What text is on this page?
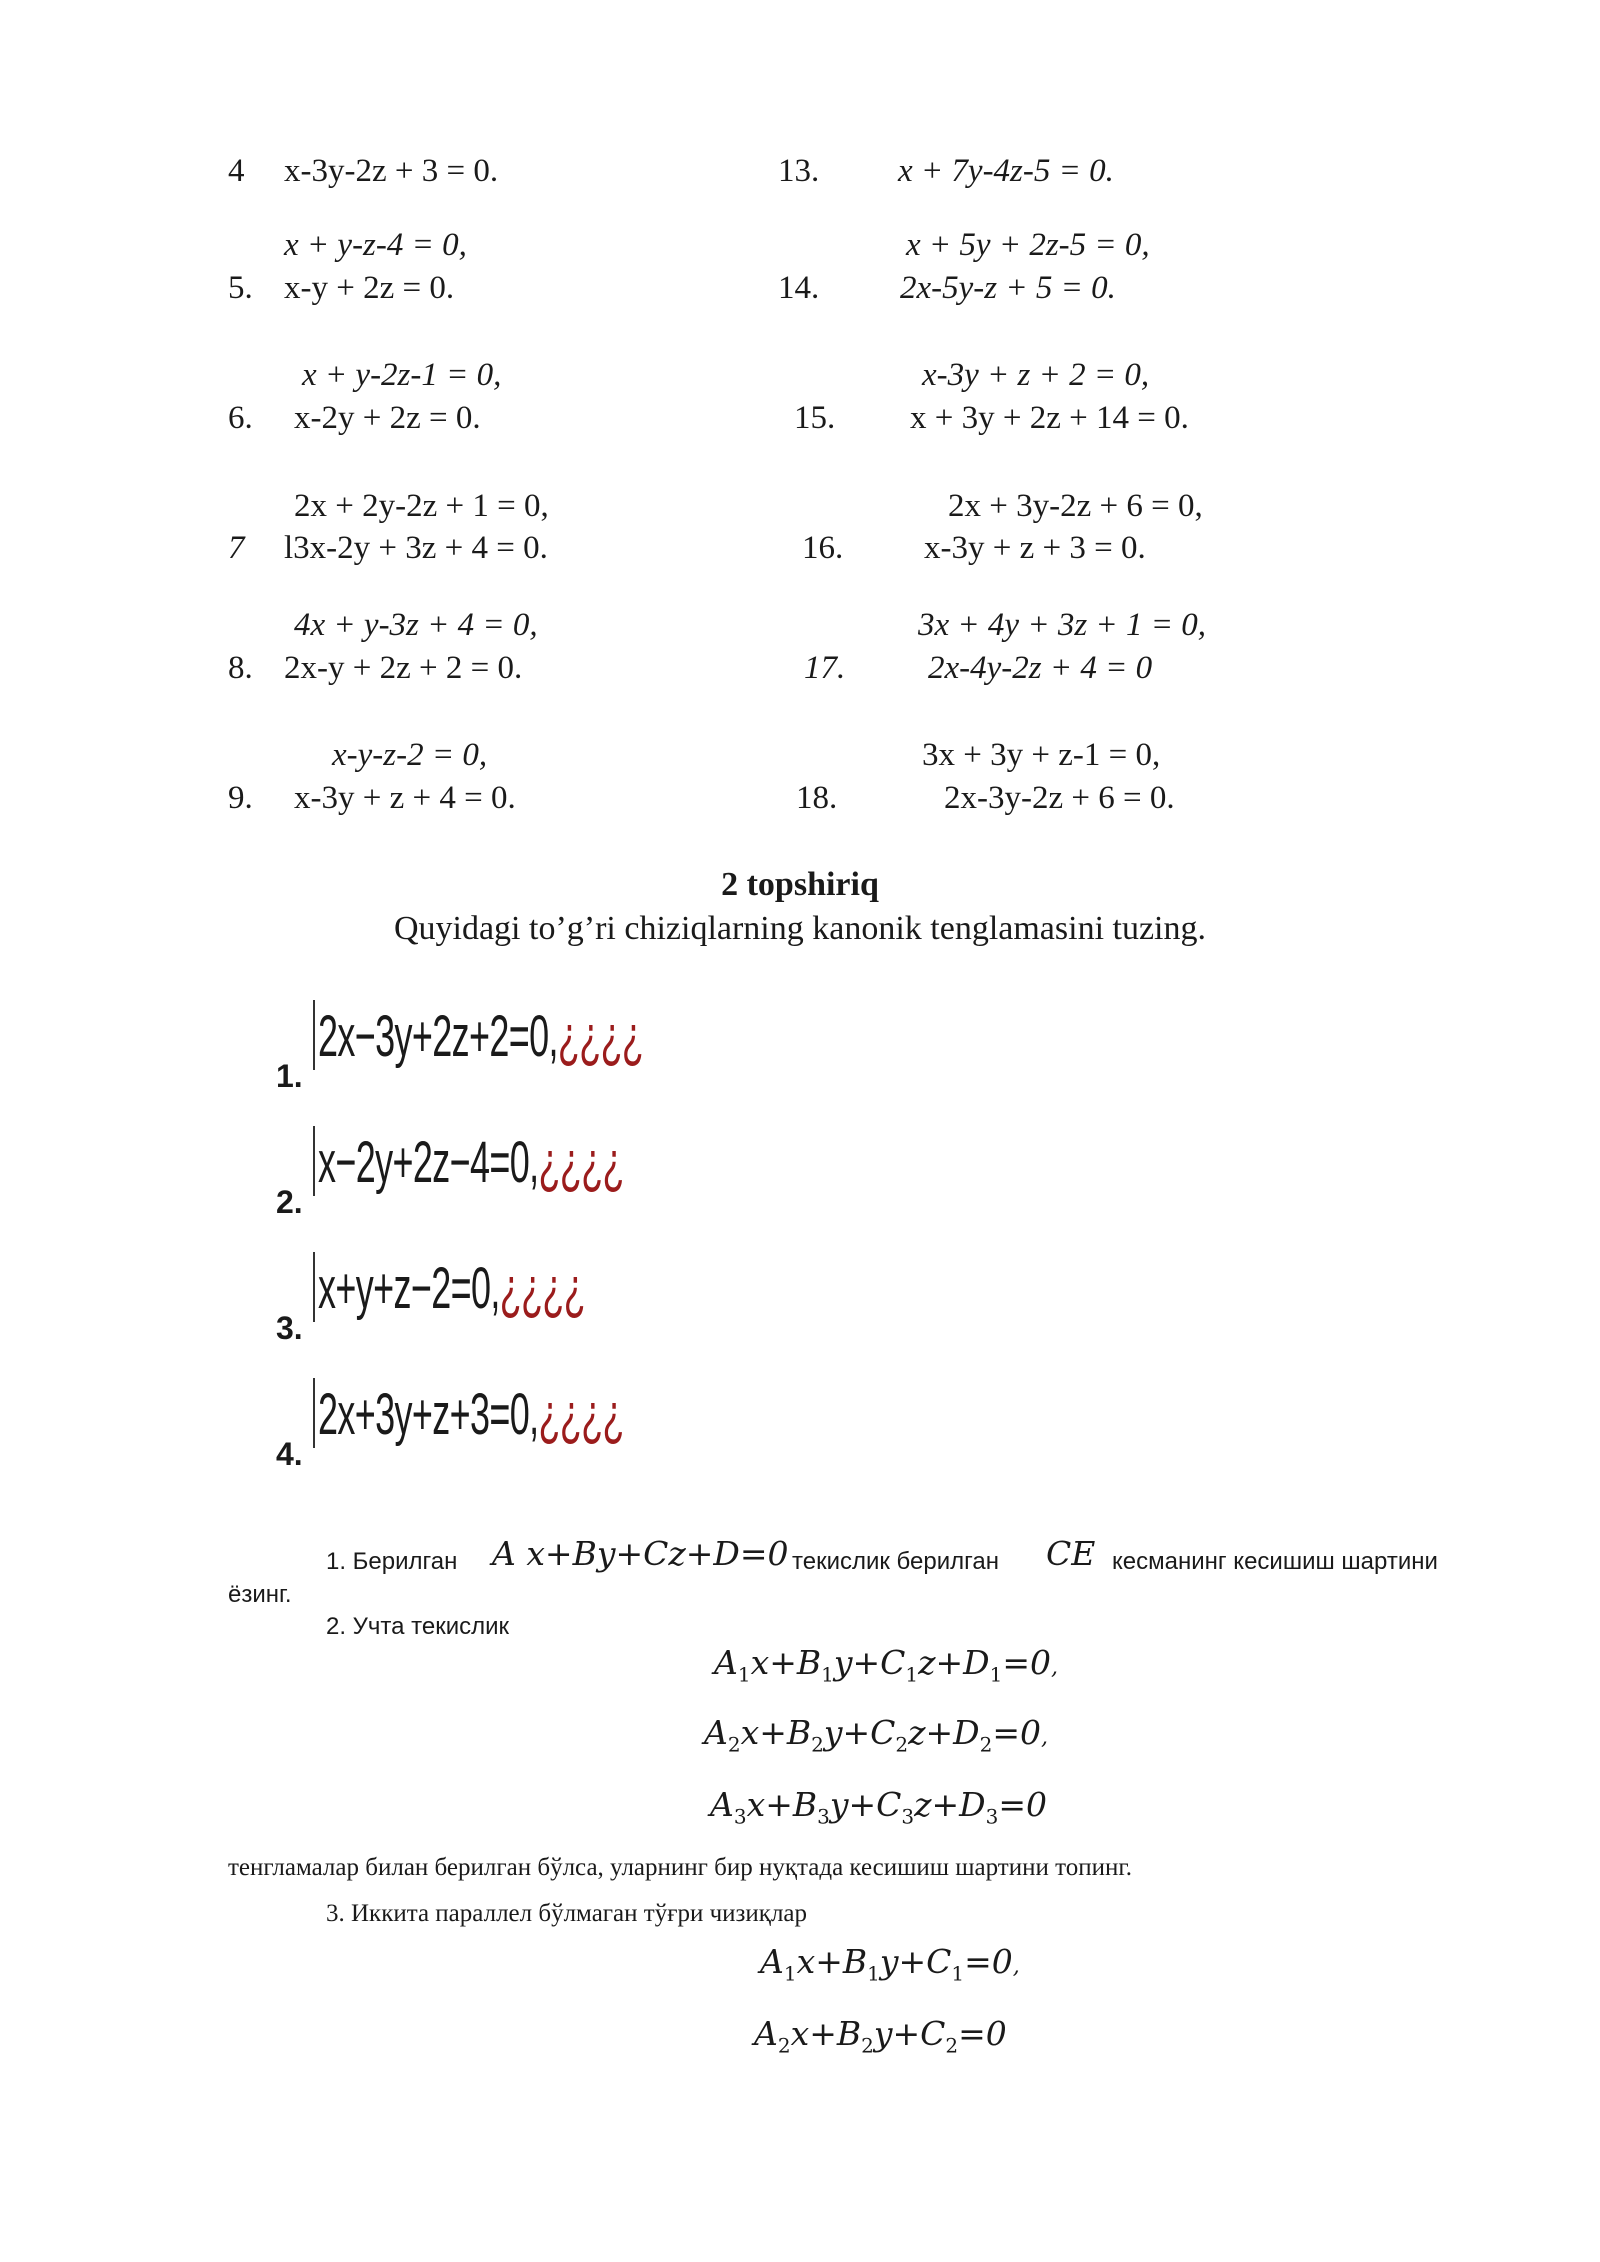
4 x-3y-2z + 3 = 0.
x + y-z-4 = 0,
5. x-y + 2z = 0.
x + y-2z-1 = 0,
6. x-2y + 2z = 0.
2x + 2y-2z + 1 = 0,
7 l3x-2y + 3z + 4 = 0.
4x + y-3z + 4 = 0,
8. 2x-y + 2z + 2 = 0.
x-y-z-2 = 0,
9. x-3y + z + 4 = 0.
13. x + 7y-4z-5 = 0.
x + 5y + 2z-5 = 0,
14. 2x-5y-z + 5 = 0.
x-3y + z + 2 = 0,
15. x + 3y + 2z + 14 = 0.
2x + 3y-2z + 6 = 0,
16. x-3y + z + 3 = 0.
3x + 4y + 3z + 1 = 0,
17.	2x-4y-2z + 4 = 0
3x + 3y + z-1 = 0,
18.	2x-3y-2z + 6 = 0.
2 topshiriq
Quyidagi to’g’ri chiziqlarning kanonik tenglamasini tuzing.
1.
2x−3y+2z+2=0,¿¿¿¿
2.
x−2y+2z−4=0,¿¿¿¿
3.
x+y+z−2=0,¿¿¿¿
4.
2x+3y+z+3=0,¿¿¿¿
1. Берилган A x+By+Cz+D=0 текислик берилган CE кесманинг кесишиш шартини
ёзинг.
2. Учта текислик
$A_1x+B_1y+C_1z+D_1=0$,
$A_2x+B_2y+C_2z+D_2=0$,
$A_3x+B_3y+C_3z+D_3=0$
тенгламалар билан берилган бўлса, уларнинг бир нуқтада кесишиш шартини топинг.
3. Иккита параллел бўлмаган тўғри чизиқлар
$A_1x+B_1y+C_1=0$,
$A_2x+B_2y+C_2=0$
